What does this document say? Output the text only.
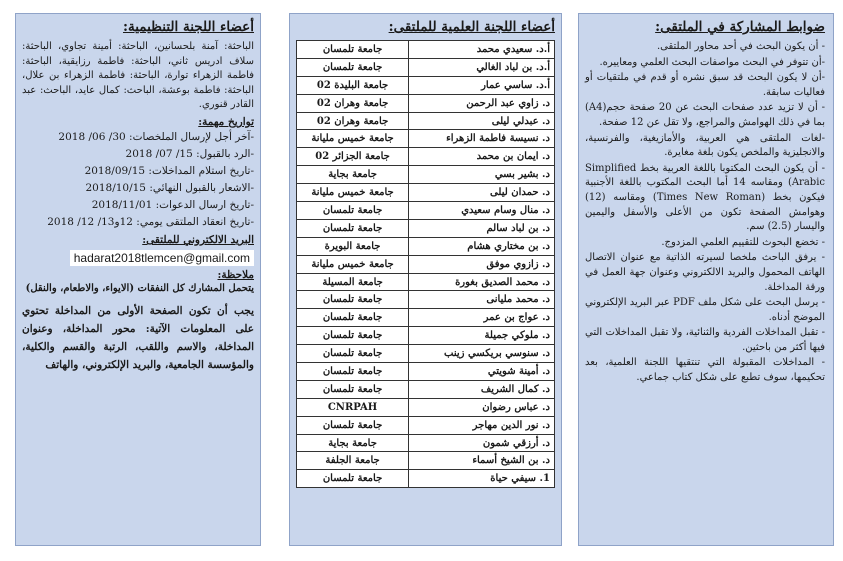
ضوابط المشاركة في الملتقى:

- أن يكون البحث في أحد محاور الملتقى.

-أن تتوفر في البحث مواصفات البحث العلمي ومعاييره.

-أن لا يكون البحث قد سبق نشره أو قدم في ملتقيات أو فعاليات سابقة.

- أن لا تزيد عدد صفحات البحث عن 20 صفحة حجم(A4) بما في ذلك الهوامش والمراجع، ولا تقل عن 12 صفحة.

-لغات الملتقى هي العربية، والأمازيغية، والفرنسية، والانجليزية والملخص يكون بلغة مغايرة.

- أن يكون البحث المكتوبا باللغة العربية بخط Simplified (Arabic ومقاسه 14 أما البحث المكتوب باللغة الأجنبية فيكون بخط (Times New Roman) ومقاسه (12) وهوامش الصفحة تكون من الأعلى والأسفل واليمين واليسار (2.5) سم.

- تخضع البحوث للتقييم العلمي المزدوج.

- يرفق الباحث ملخصا لسيرته الذاتية مع عنوان الاتصال الهاتف المحمول والبريد الالكتروني وعنوان جهة العمل في ورقة المداخلة.

- يرسل البحث على شكل ملف PDF عبر البريد الإلكتروني الموضح أدناه.

- تقبل المداخلات الفردية والثنائية، ولا تقبل المداخلات التي فيها أكثر من باحثين.

- المداخلات المقبولة التي تنتقيها اللجنة العلمية، بعد تحكيمها، سوف تطبع على شكل كتاب جماعي.

أعضاء اللجنة العلمية للملتقى:
أ.د. سعيدي محمد	جامعة تلمسان
أ.د. بن لباد الغالي	جامعة تلمسان
أ.د. ساسي عمار	جامعة البليدة 02
د. زاوي عبد الرحمن	جامعة وهران 02
د. عبدلي ليلى	جامعة وهران 02
د. نسيسة فاطمة الزهراء	جامعة خميس مليانة
د. ايمان بن محمد	جامعة الجزائر 02
د. بشير بسي	جامعة بجاية
د. حمدان ليلى	جامعة خميس مليانة
د. منال وسام سعيدي	جامعة تلمسان
د. بن لباد سالم	جامعة تلمسان
د. بن مختاري هشام	جامعة البويرة
د. زازوي موفق	جامعة خميس مليانة
د. محمد الصديق بغورة	جامعة المسيلة
د. محمد مليانى	جامعة تلمسان
د. عواج بن عمر	جامعة تلمسان
د. ملوكي جميلة	جامعة تلمسان
د. سنوسي بريكسي زينب	جامعة تلمسان
د. أمينة شويتي	جامعة تلمسان
د. كمال الشريف	جامعة تلمسان
د. عباس رضوان	CNRPAH
د. نور الدين مهاجر	جامعة تلمسان
د. أرزقي شمون	جامعة بجاية
د. بن الشيخ أسماء	جامعة الجلفة
1. سيفي حياة	جامعة تلمسان
أعضاء اللجنة التنظيمية:

الباحثة: آمنة بلحسانين، الباحثة: أمينة تجاوي، الباحثة: سلاف ادريس ثاني، الباحثة: فاطمة رزايقية، الباحثة: فاطمة الزهراء توارة، الباحثة: فاطمة الزهراء بن علال، الباحثة: فاطمة بوعشة، الباحث: كمال عايد، الباحث: عبد القادر قنوري.

تواريخ مهمة:
-آخر أجل لإرسال الملخصات: 30/ 06/ 2018
-الرد بالقبول: 15/ 07/ 2018
-تاريخ استلام المداخلات: 2018/09/15
-الاشعار بالقبول النهائي: 2018/10/15
-تاريخ ارسال الدعوات: 2018/11/01
-تاريخ انعقاد الملتقى يومي: 12و13/ 12/ 2018
البريد الالكتروني للملتقى:
hadarat2018tlemcen@gmail.com
ملاحظة:

يتحمل المشارك كل النفقات (الايواء، والاطعام، والنقل)

يجب أن تكون الصفحة الأولى من المداخلة تحتوي على المعلومات الآتية: محور المداخلة، وعنوان المداخلة، والاسم واللقب، الرتبة والقسم والكلية، والمؤسسة الجامعية، والبريد الإلكتروني، والهاتف
